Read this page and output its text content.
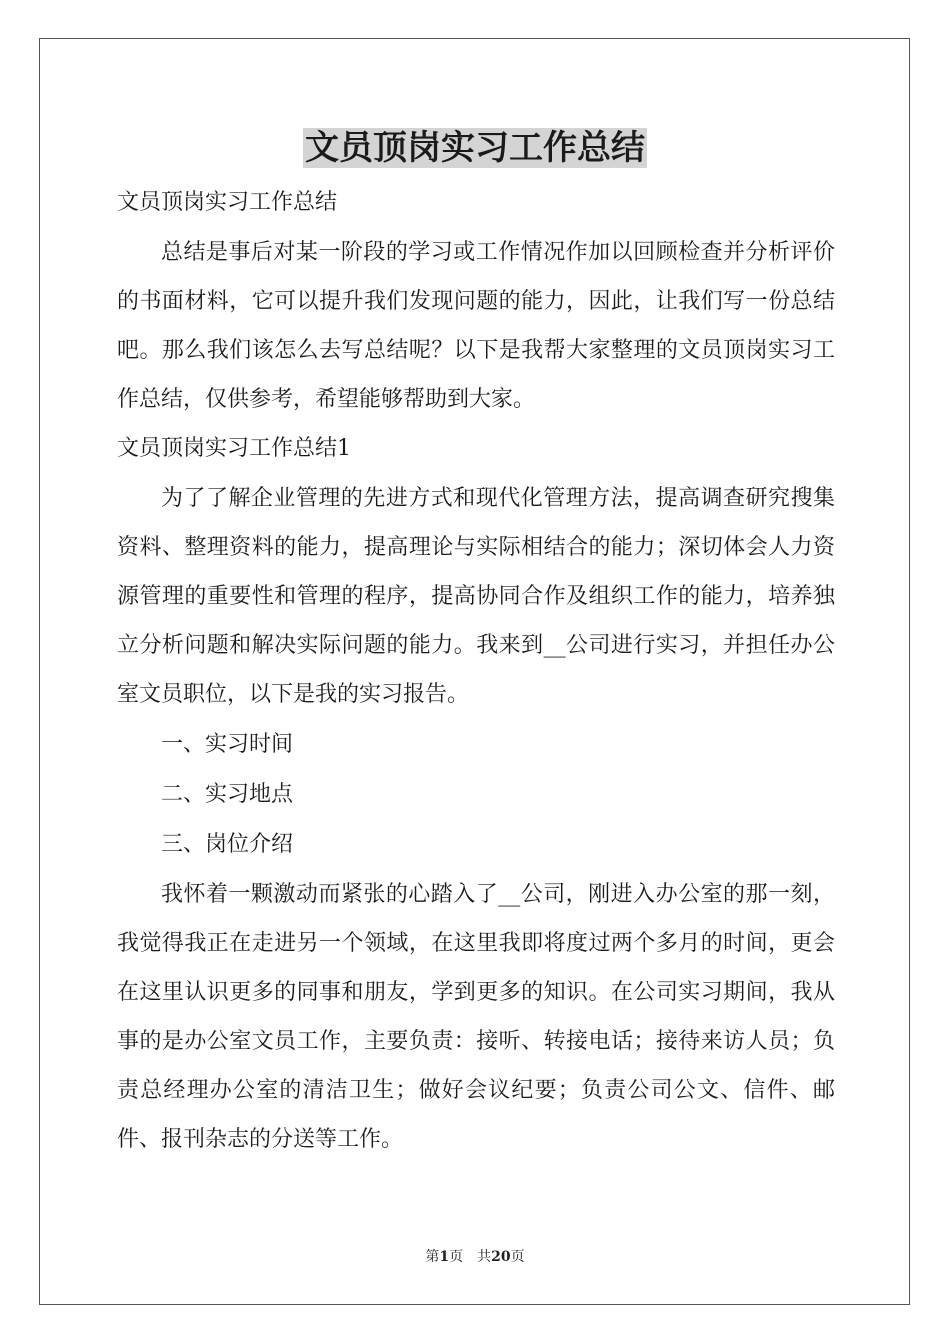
文员顶岗实习工作总结

文员顶岗实习工作总结

总结是事后对某一阶段的学习或工作情况作加以回顾检查并分析评价的书面材料，它可以提升我们发现问题的能力，因此，让我们写一份总结吧。那么我们该怎么去写总结呢？以下是我帮大家整理的文员顶岗实习工作总结，仅供参考，希望能够帮助到大家。

文员顶岗实习工作总结1

为了了解企业管理的先进方式和现代化管理方法，提高调查研究搜集资料、整理资料的能力，提高理论与实际相结合的能力；深切体会人力资源管理的重要性和管理的程序，提高协同合作及组织工作的能力，培养独立分析问题和解决实际问题的能力。我来到__公司进行实习，并担任办公室文员职位，以下是我的实习报告。

一、实习时间

二、实习地点

三、岗位介绍

我怀着一颗激动而紧张的心踏入了__公司，刚进入办公室的那一刻，我觉得我正在走进另一个领域，在这里我即将度过两个多月的时间，更会在这里认识更多的同事和朋友，学到更多的知识。在公司实习期间，我从事的是办公室文员工作，主要负责：接听、转接电话；接待来访人员；负责总经理办公室的清洁卫生；做好会议纪要；负责公司公文、信件、邮件、报刊杂志的分送等工作。

第1页 共20页
